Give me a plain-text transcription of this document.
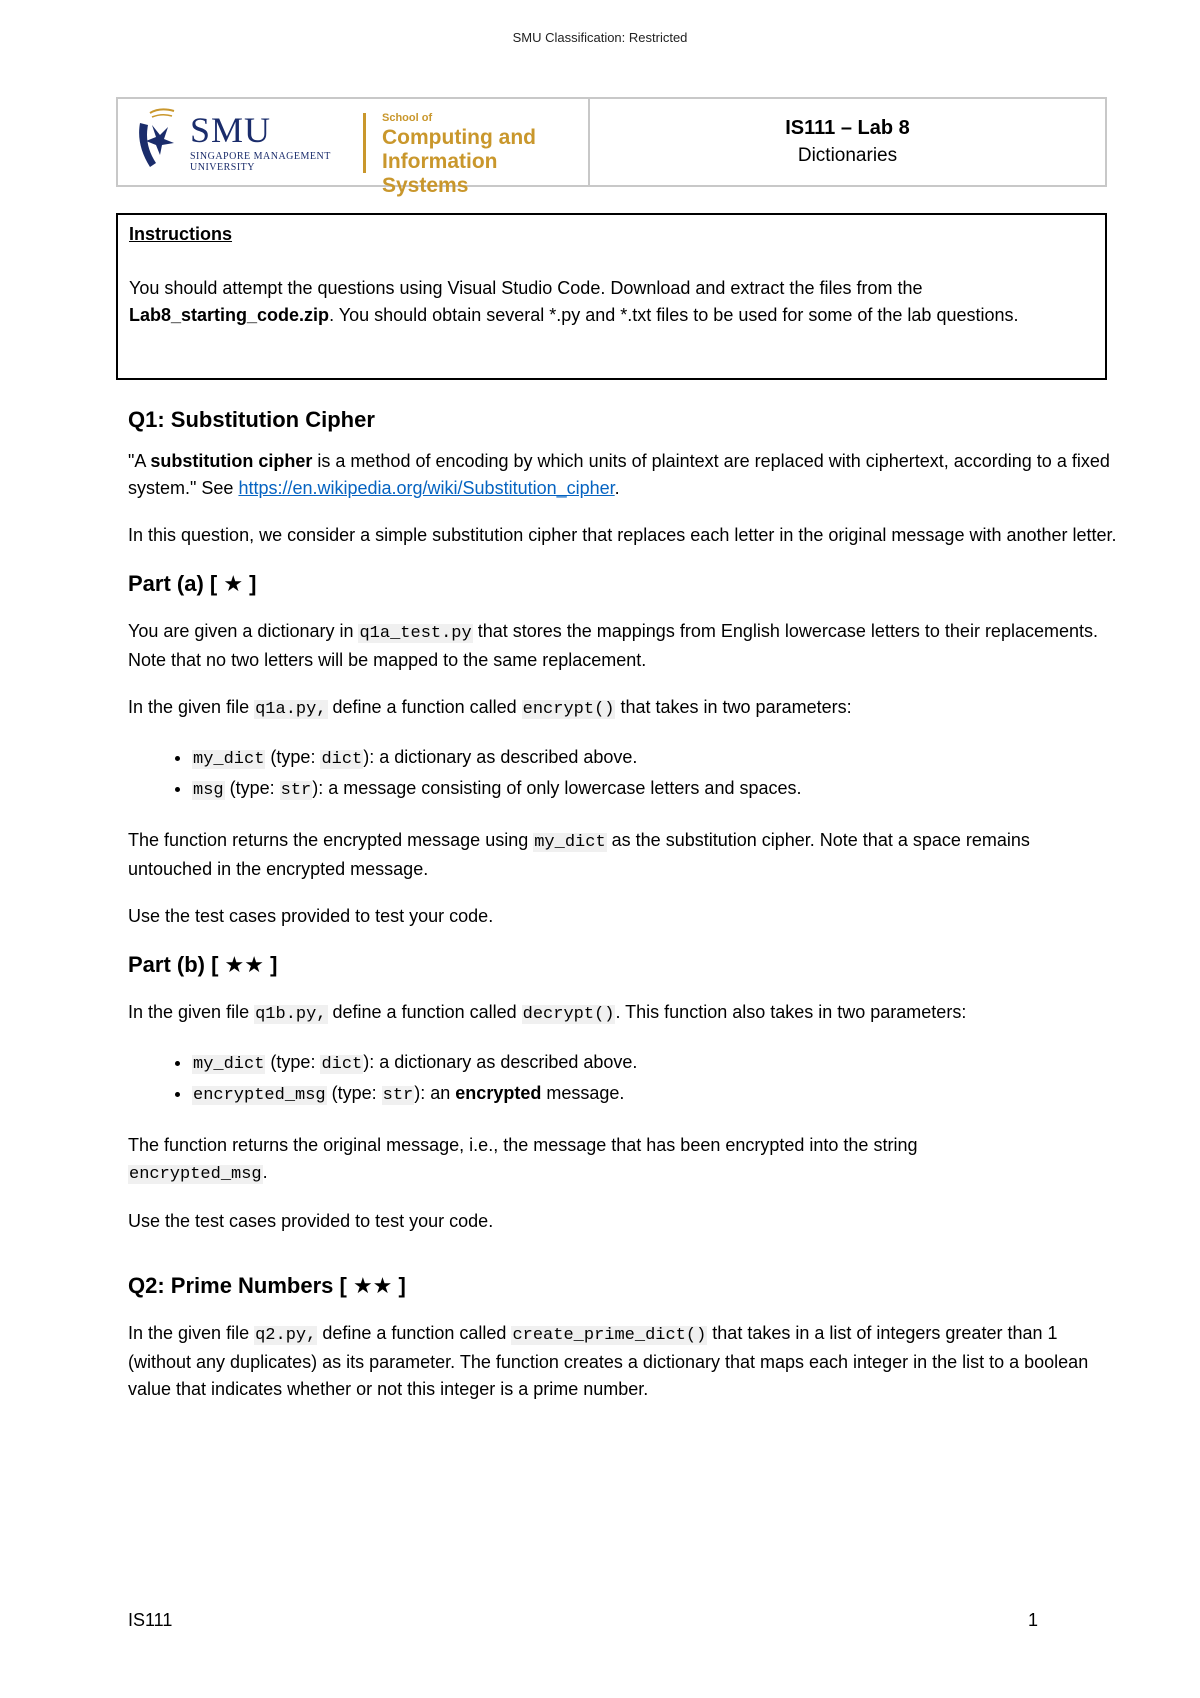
SMU Classification: Restricted
SMU
SINGAPORE MANAGEMENT
UNIVERSITY
School of
Computing and
Information Systems
IS111 – Lab 8
Dictionaries
Instructions

You should attempt the questions using Visual Studio Code. Download and extract the files from the Lab8_starting_code.zip. You should obtain several *.py and *.txt files to be used for some of the lab questions.

Q1: Substitution Cipher

"A substitution cipher is a method of encoding by which units of plaintext are replaced with ciphertext, according to a fixed system." See https://en.wikipedia.org/wiki/Substitution_cipher.

In this question, we consider a simple substitution cipher that replaces each letter in the original message with another letter.

Part (a) [ ★ ]

You are given a dictionary in q1a_test.py that stores the mappings from English lowercase letters to their replacements. Note that no two letters will be mapped to the same replacement.

In the given file q1a.py, define a function called encrypt() that takes in two parameters:

• my_dict (type: dict): a dictionary as described above.
• msg (type: str): a message consisting of only lowercase letters and spaces.

The function returns the encrypted message using my_dict as the substitution cipher. Note that a space remains untouched in the encrypted message.

Use the test cases provided to test your code.

Part (b) [ ★★ ]

In the given file q1b.py, define a function called decrypt(). This function also takes in two parameters:

• my_dict (type: dict): a dictionary as described above.
• encrypted_msg (type: str): an encrypted message.

The function returns the original message, i.e., the message that has been encrypted into the string encrypted_msg.

Use the test cases provided to test your code.

Q2: Prime Numbers [ ★★ ]

In the given file q2.py, define a function called create_prime_dict() that takes in a list of integers greater than 1 (without any duplicates) as its parameter. The function creates a dictionary that maps each integer in the list to a boolean value that indicates whether or not this integer is a prime number.

IS111	1
